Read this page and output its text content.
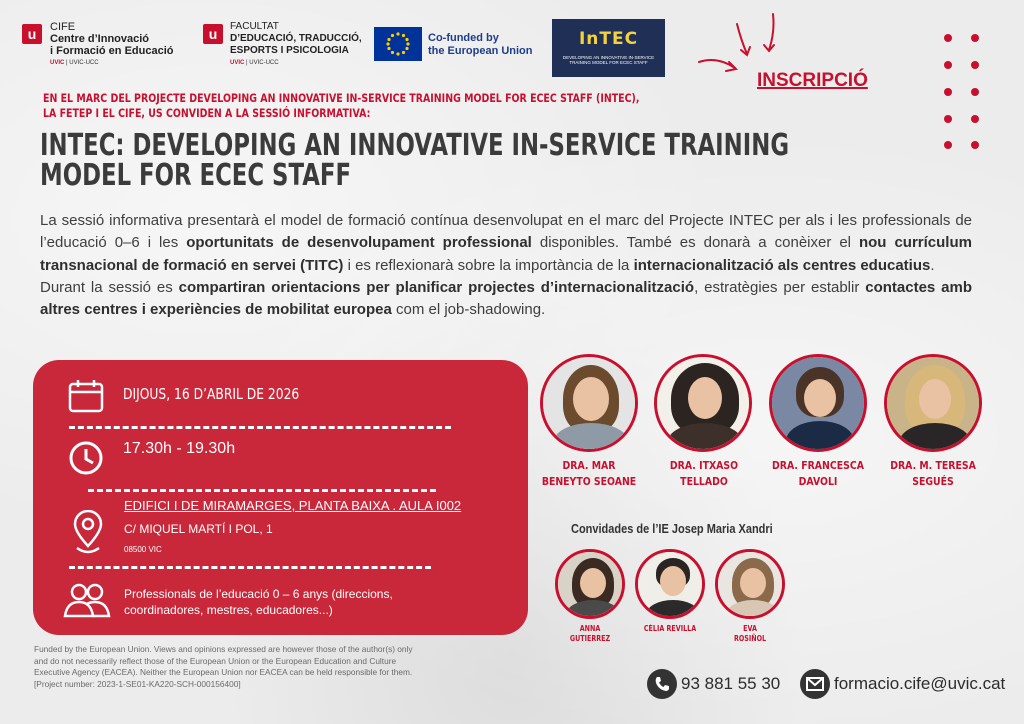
u	CIFE
Centre d’Innovació
i Formació en Educació
UVIC | UVIC-UCC
u	FACULTAT
D’EDUCACIÓ, TRADUCCIÓ,
ESPORTS I PSICOLOGIA
UVIC | UVIC-UCC
Co-funded by
the European Union
InTEC
DEVELOPING AN INNOVATIVE IN-SERVICE TRAINING MODEL FOR ECEC STAFF
INSCRIPCIÓ
EN EL MARC DEL PROJECTE DEVELOPING AN INNOVATIVE IN-SERVICE TRAINING MODEL FOR ECEC STAFF (INTEC),
LA FETEP I EL CIFE, US CONVIDEN A LA SESSIÓ INFORMATIVA:
INTEC: DEVELOPING AN INNOVATIVE IN-SERVICE TRAINING
MODEL FOR ECEC STAFF

La sessió informativa presentarà el model de formació contínua desenvolupat en el marc del Projecte INTEC per als i les professionals de l’educació 0–6 i les oportunitats de desenvolupament professional disponibles. També es donarà a conèixer el nou currículum transnacional de formació en servei (TITC) i es reflexionarà sobre la importància de la internacionalització als centres educatius.

Durant la sessió es compartiran orientacions per planificar projectes d’internacionalització, estratègies per establir contactes amb altres centres i experiències de mobilitat europea com el job-shadowing.

DIJOUS, 16 D’ABRIL DE 2026
17.30h - 19.30h
EDIFICI I DE MIRAMARGES, PLANTA BAIXA . AULA I002
C/ MIQUEL MARTÍ I POL, 1
08500 VIC
Professionals de l’educació 0 – 6 anys (direccions,
coordinadores, mestres, educadores...)
DRA. MAR
BENEYTO SEOANE
DRA. ITXASO
TELLADO
DRA. FRANCESCA
DAVOLI
DRA. M. TERESA
SEGUÉS
Convidades de l’IE Josep Maria Xandri
ANNA
GUTIERREZ
CÈLIA REVILLA	EVA
ROSIÑOL
Funded by the European Union. Views and opinions expressed are however those of the author(s) only
and do not necessarily reflect those of the European Union or the European Education and Culture
Executive Agency (EACEA). Neither the European Union nor EACEA can be held responsible for them.
[Project number: 2023-1-SE01-KA220-SCH-000156400]	93 881 55 30	formacio.cife@uvic.cat
